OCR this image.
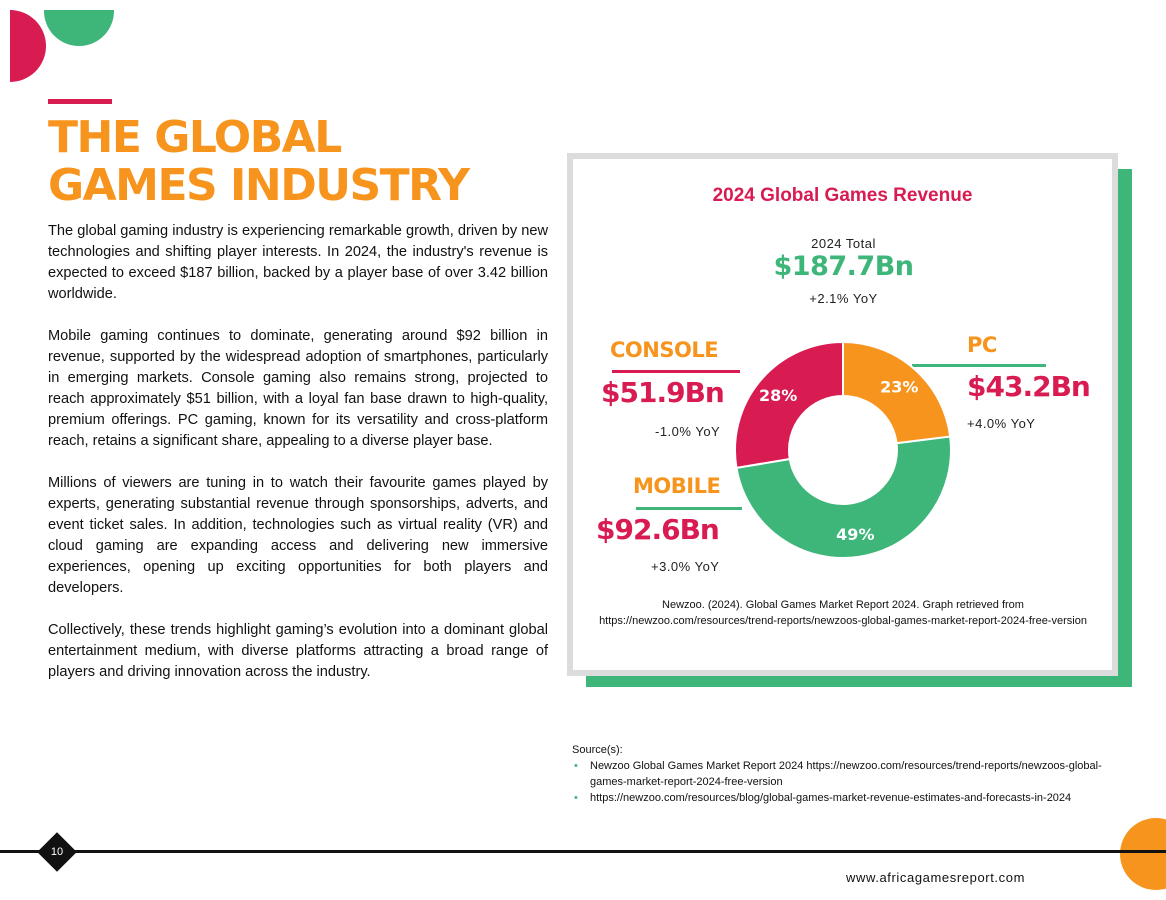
THE GLOBAL
GAMES INDUSTRY

The global gaming industry is experiencing remarkable growth, driven by new technologies and shifting player interests. In 2024, the industry's revenue is expected to exceed $187 billion, backed by a player base of over 3.42 billion worldwide.

Mobile gaming continues to dominate, generating around $92 billion in revenue, supported by the widespread adoption of smartphones, particularly in emerging markets. Console gaming also remains strong, projected to reach approximately $51 billion, with a loyal fan base drawn to high-quality, premium offerings. PC gaming, known for its versatility and cross-platform reach, retains a significant share, appealing to a diverse player base.

Millions of viewers are tuning in to watch their favourite games played by experts, generating substantial revenue through sponsorships, adverts, and event ticket sales. In addition, technologies such as virtual reality (VR) and cloud gaming are expanding access and delivering new immersive experiences, opening up exciting opportunities for both players and developers.

Collectively, these trends highlight gaming’s evolution into a dominant global entertainment medium, with diverse platforms attracting a broad range of players and driving innovation across the industry.

2024 Global Games Revenue
2024 Total
$187.7Bn
+2.1% YoY
CONSOLE
$51.9Bn
-1.0% YoY
PC
$43.2Bn
+4.0% YoY
MOBILE
$92.6Bn
+3.0% YoY
23%
49%
28%
Newzoo. (2024). Global Games Market Report 2024. Graph retrieved from https://newzoo.com/resources/trend-reports/newzoos-global-games-market-report-2024-free-version
Source(s):
• Newzoo Global Games Market Report 2024 https://newzoo.com/resources/trend-reports/newzoos-global-games-market-report-2024-free-version
• https://newzoo.com/resources/blog/global-games-market-revenue-estimates-and-forecasts-in-2024
10
www.africagamesreport.com
